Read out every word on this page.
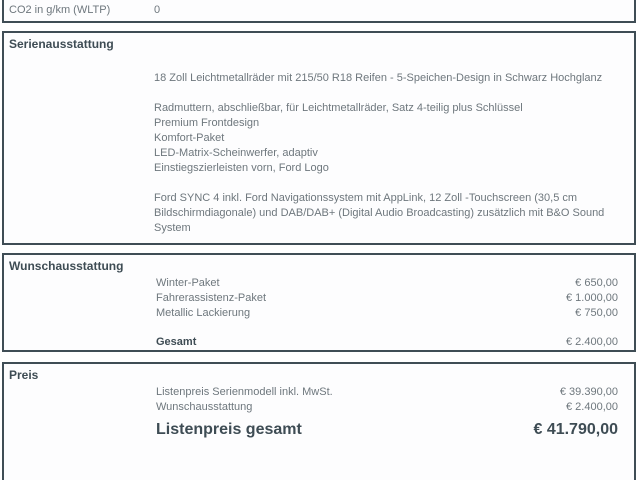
CO2 in g/km (WLTP)	0
Serienausstattung
18 Zoll Leichtmetallräder mit 215/50 R18 Reifen - 5-Speichen-Design in Schwarz Hochglanz
Radmuttern, abschließbar, für Leichtmetallräder, Satz 4-teilig plus Schlüssel
Premium Frontdesign
Komfort-Paket
LED-Matrix-Scheinwerfer, adaptiv
Einstiegszierleisten vorn, Ford Logo
Ford SYNC 4 inkl. Ford Navigationssystem mit AppLink, 12 Zoll -Touchscreen (30,5 cm Bildschirmdiagonale) und DAB/DAB+ (Digital Audio Broadcasting) zusätzlich mit B&O Sound System
Wunschausstattung
Winter-Paket	€ 650,00
Fahrerassistenz-Paket	€ 1.000,00
Metallic Lackierung	€ 750,00
Gesamt	€ 2.400,00
Preis
Listenpreis Serienmodell inkl. MwSt.	€ 39.390,00
Wunschausstattung	€ 2.400,00
Listenpreis gesamt	€ 41.790,00
